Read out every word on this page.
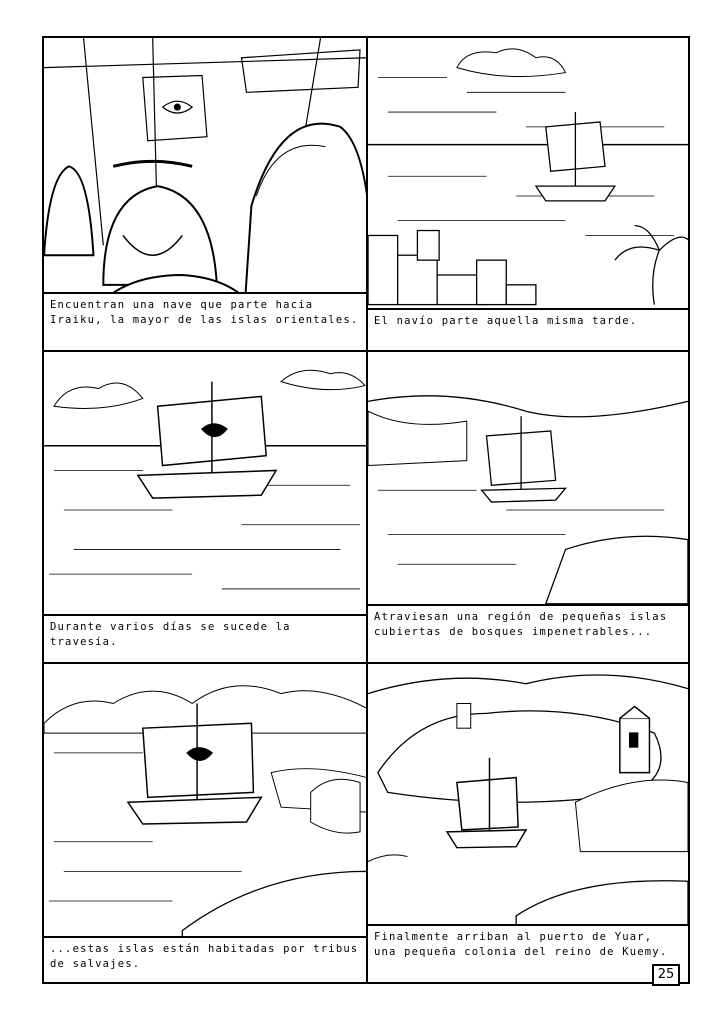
Encuentran una nave que parte hacia Iraiku, la mayor de las islas orientales.	El navío parte aquella misma tarde.
Durante varios días se sucede la travesía.
Atraviesan una región de pequeñas islas cubiertas de bosques impenetrables...
...estas islas están habitadas por tribus de salvajes.
Finalmente arriban al puerto de Yuar, una pequeña colonia del reino de Kuemy.
25
